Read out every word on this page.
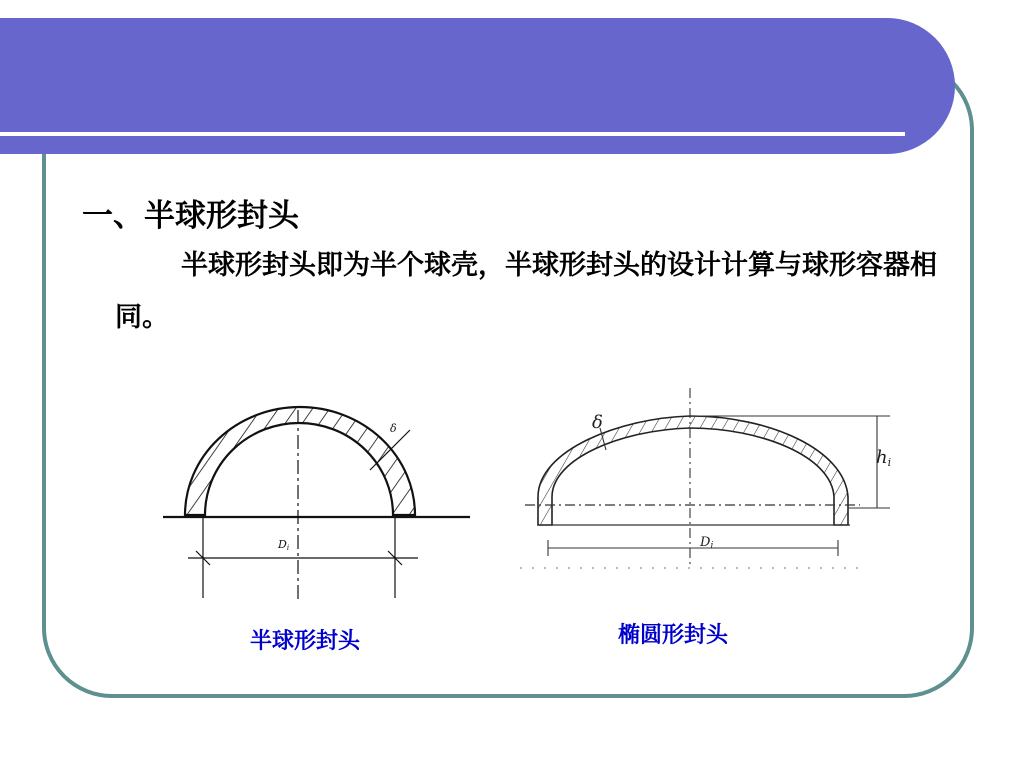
一、半球形封头
半球形封头即为半个球壳，半球形封头的设计计算与球形容器相同。
Di
δ	δ
hi
Di
半球形封头	椭圆形封头
